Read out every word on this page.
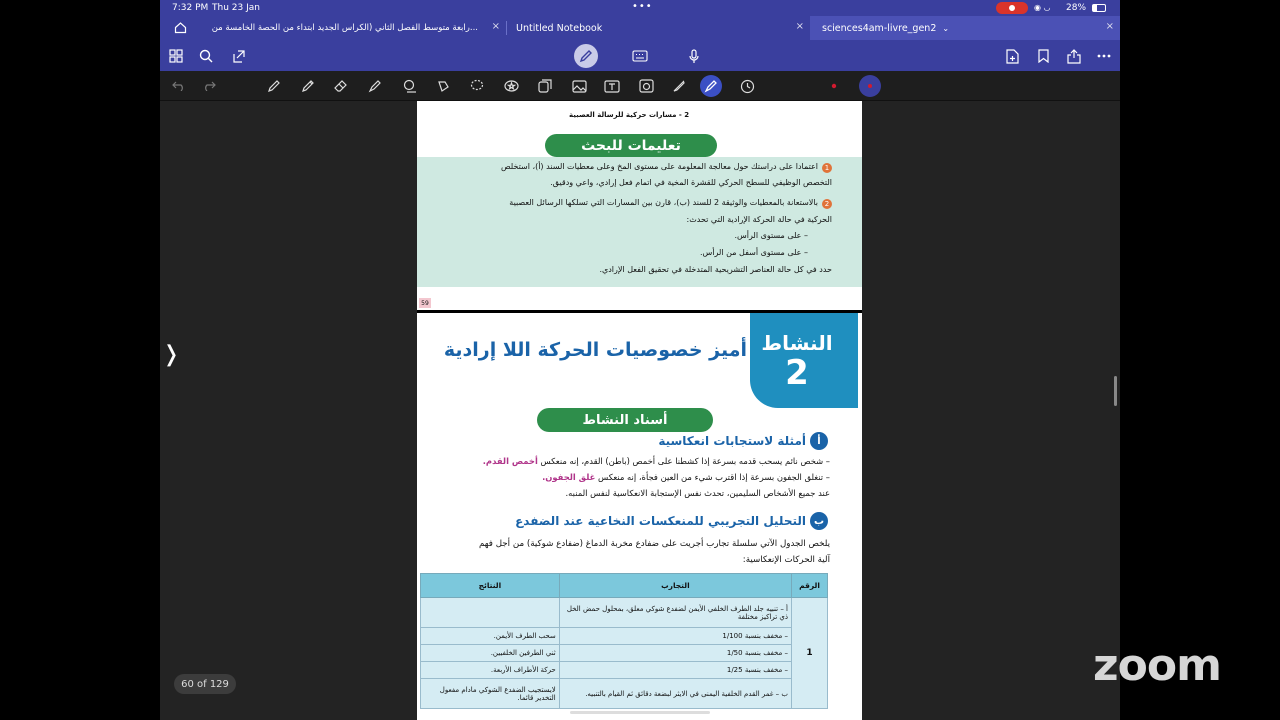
7:32 PM Thu 23 Jan	•••	◉ ◡ 28%
رابعة متوسط الفصل الثاني (الكراس الجديد ابتداء من الحصة الخامسة من... × Untitled Notebook	× sciences4am-livre_gen2 ⌄	×
2 - مسارات حركية للرسالة العصبية
تعليمات للبحث
1
اعتمادا على دراستك حول معالجة المعلومة على مستوى المخ وعلى معطيات السند (أ)، استخلص
التخصص الوظيفي للسطح الحركي للقشرة المخية في اتمام فعل إرادي، واعي ودقيق.
2
بالاستعانة بالمعطيات والوثيقة 2 للسند (ب)، قارن بين المسارات التي تسلكها الرسائل العصبية
الحركية في حالة الحركة الإرادية التي تحدث:
– على مستوى الرأس.
– على مستوى أسفل من الرأس.
حدد في كل حالة العناصر التشريحية المتدخلة في تحقيق الفعل الإرادي.
59
النشاط
2
أميز خصوصيات الحركة اللا إرادية
أسناد النشاط
أ
أمثلة لاستجابات انعكاسية
– شخص نائم يسحب قدمه بسرعة إذا كشطنا على أخمص (باطن) القدم، إنه منعكس أخمص القدم.
– تنغلق الجفون بسرعة إذا اقترب شيء من العين فجأة، إنه منعكس غلق الجفون.
عند جميع الأشخاص السليمين، تحدث نفس الإستجابة الانعكاسية لنفس المنبه.
ب
التحليل التجريبي للمنعكسات النخاعية عند الضفدع
يلخص الجدول الآتي سلسلة تجارب أجريت على ضفادع مخربة الدماغ (ضفادع شوكية) من أجل فهم
آلية الحركات الإنعكاسية:
الرقم	التجارب	النتائج
1	أ – تنبيه جلد الطرف الخلفي الأيمن لضفدع شوكي معلق، بمحلول حمض الخل ذي تراكيز مختلفة	
	– مخفف بنسبة 1/100	سحب الطرف الأيمن.
	– مخفف بنسبة 1/50	ثني الطرفين الخلفيين.
	– مخفف بنسبة 1/25	حركة الأطراف الأربعة.
	ب – غمر القدم الخلفية اليمنى في الايثر لبضعة دقائق ثم القيام بالتنبيه.	لايستجيب الضفدع الشوكي مادام مفعول التخدير قائما.
❭
60 of 129	zoom
